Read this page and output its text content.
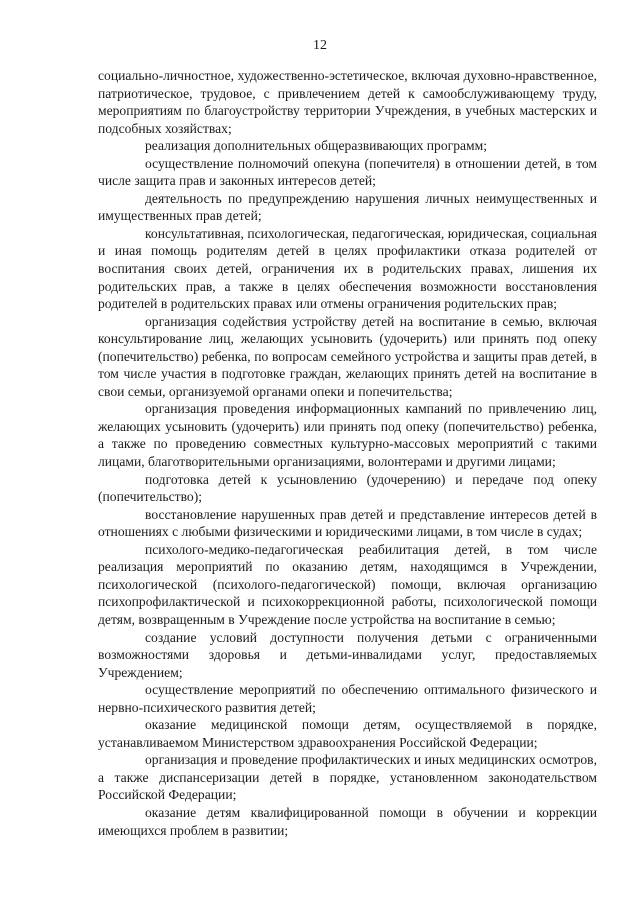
12

социально-личностное, художественно-эстетическое, включая духовно-нравственное, патриотическое, трудовое, с привлечением детей к самообслуживающему труду, мероприятиям по благоустройству территории Учреждения, в учебных мастерских и подсобных хозяйствах;

реализация дополнительных общеразвивающих программ;

осуществление полномочий опекуна (попечителя) в отношении детей, в том числе защита прав и законных интересов детей;

деятельность по предупреждению нарушения личных неимущественных и имущественных прав детей;

консультативная, психологическая, педагогическая, юридическая, социальная и иная помощь родителям детей в целях профилактики отказа родителей от воспитания своих детей, ограничения их в родительских правах, лишения их родительских прав, а также в целях обеспечения возможности восстановления родителей в родительских правах или отмены ограничения родительских прав;

организация содействия устройству детей на воспитание в семью, включая консультирование лиц, желающих усыновить (удочерить) или принять под опеку (попечительство) ребенка, по вопросам семейного устройства и защиты прав детей, в том числе участия в подготовке граждан, желающих принять детей на воспитание в свои семьи, организуемой органами опеки и попечительства;

организация проведения информационных кампаний по привлечению лиц, желающих усыновить (удочерить) или принять под опеку (попечительство) ребенка, а также по проведению совместных культурно-массовых мероприятий с такими лицами, благотворительными организациями, волонтерами и другими лицами;

подготовка детей к усыновлению (удочерению) и передаче под опеку (попечительство);

восстановление нарушенных прав детей и представление интересов детей в отношениях с любыми физическими и юридическими лицами, в том числе в судах;

психолого-медико-педагогическая реабилитация детей, в том числе реализация мероприятий по оказанию детям, находящимся в Учреждении, психологической (психолого-педагогической) помощи, включая организацию психопрофилактической и психокоррекционной работы, психологической помощи детям, возвращенным в Учреждение после устройства на воспитание в семью;

создание условий доступности получения детьми с ограниченными возможностями здоровья и детьми-инвалидами услуг, предоставляемых Учреждением;

осуществление мероприятий по обеспечению оптимального физического и нервно-психического развития детей;

оказание медицинской помощи детям, осуществляемой в порядке, устанавливаемом Министерством здравоохранения Российской Федерации;

организация и проведение профилактических и иных медицинских осмотров, а также диспансеризации детей в порядке, установленном законодательством Российской Федерации;

оказание детям квалифицированной помощи в обучении и коррекции имеющихся проблем в развитии;
